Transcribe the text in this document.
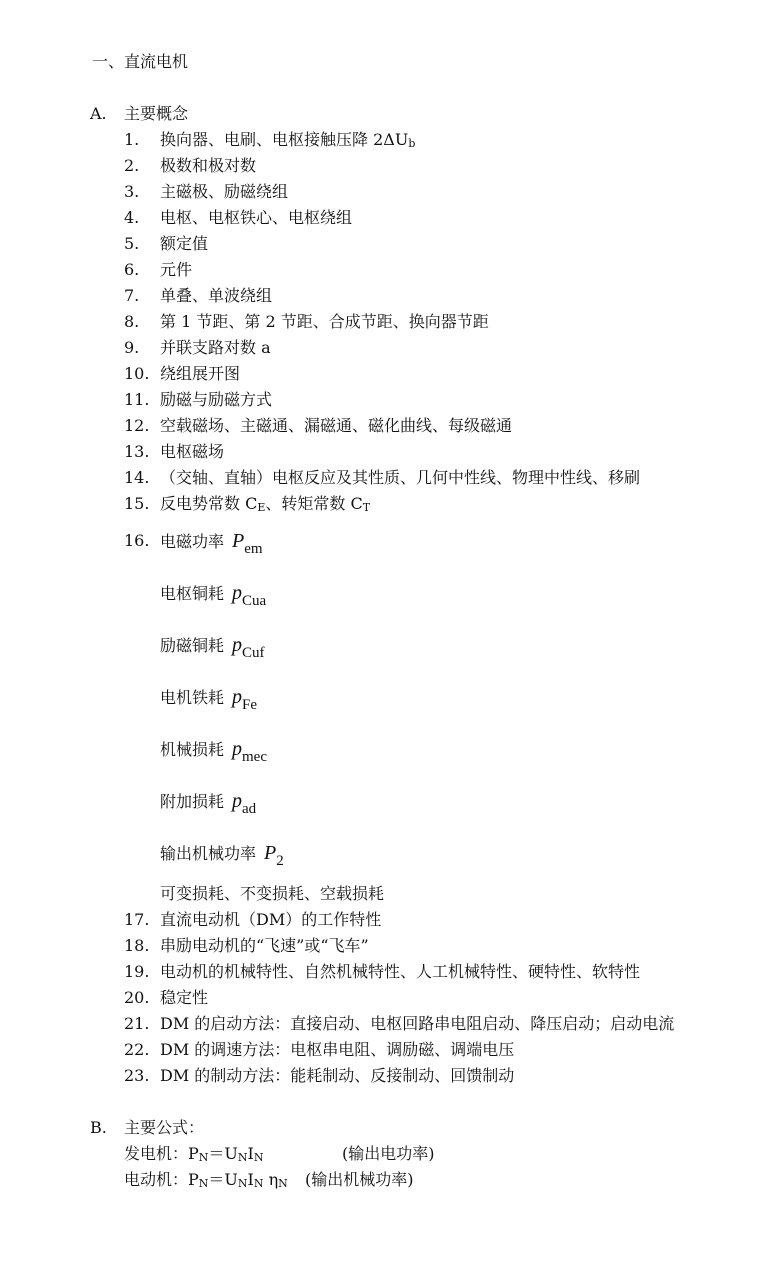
一、直流电机
A. 主要概念
1. 换向器、电刷、电枢接触压降 2ΔUb
2. 极数和极对数
3. 主磁极、励磁绕组
4. 电枢、电枢铁心、电枢绕组
5. 额定值
6. 元件
7. 单叠、单波绕组
8. 第 1 节距、第 2 节距、合成节距、换向器节距
9. 并联支路对数 a
10. 绕组展开图
11. 励磁与励磁方式
12. 空载磁场、主磁通、漏磁通、磁化曲线、每级磁通
13. 电枢磁场
14. （交轴、直轴）电枢反应及其性质、几何中性线、物理中性线、移刷
15. 反电势常数 CE、转矩常数 CT
16. 电磁功率 $P_{em}$
电枢铜耗 $p_{Cua}$
励磁铜耗 $p_{Cuf}$
电机铁耗 $p_{Fe}$
机械损耗 $p_{mec}$
附加损耗 $p_{ad}$
输出机械功率 $P_2$
可变损耗、不变损耗、空载损耗
17. 直流电动机（DM）的工作特性
18. 串励电动机的“飞速”或“飞车”
19. 电动机的机械特性、自然机械特性、人工机械特性、硬特性、软特性
20. 稳定性
21. DM 的启动方法：直接启动、电枢回路串电阻启动、降压启动；启动电流
22. DM 的调速方法：电枢串电阻、调励磁、调端电压
23. DM 的制动方法：能耗制动、反接制动、回馈制动
B. 主要公式：
发电机：PN＝UNIN	(输出电功率)
电动机：PN＝UNIN ηN (输出机械功率)
